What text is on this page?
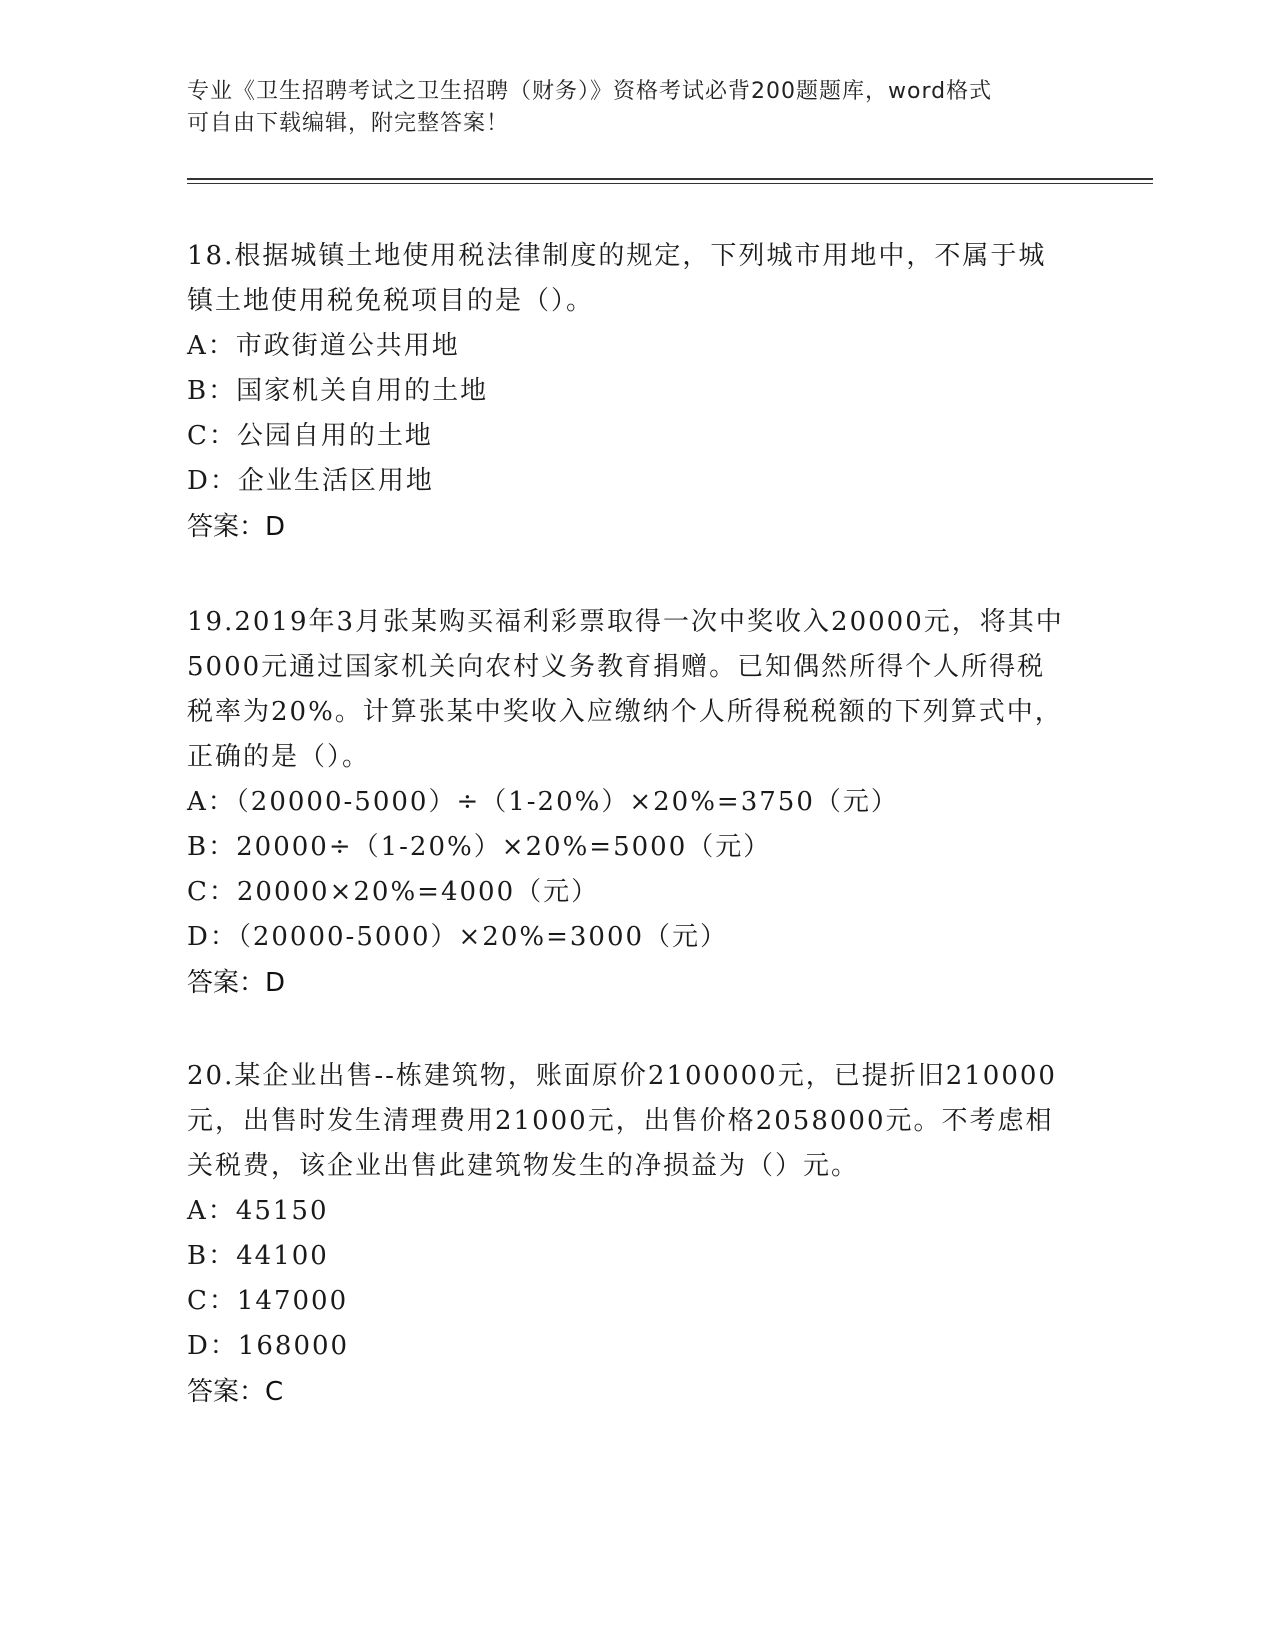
专业《卫生招聘考试之卫生招聘（财务）》资格考试必背200题题库，word格式
可自由下载编辑，附完整答案！
18.根据城镇土地使用税法律制度的规定，下列城市用地中，不属于城
镇土地使用税免税项目的是（）。
A：市政街道公共用地
B：国家机关自用的土地
C：公园自用的土地
D：企业生活区用地
答案：D
19.2019年3月张某购买福利彩票取得一次中奖收入20000元，将其中
5000元通过国家机关向农村义务教育捐赠。已知偶然所得个人所得税
税率为20%。计算张某中奖收入应缴纳个人所得税税额的下列算式中，
正确的是（）。
A：（20000-5000）÷（1-20%）×20%=3750（元）
B：20000÷（1-20%）×20%=5000（元）
C：20000×20%=4000（元）
D：（20000-5000）×20%=3000（元）
答案：D
20.某企业出售--栋建筑物，账面原价2100000元，已提折旧210000
元，出售时发生清理费用21000元，出售价格2058000元。不考虑相
关税费，该企业出售此建筑物发生的净损益为（）元。
A：45150
B：44100
C：147000
D：168000
答案：C
